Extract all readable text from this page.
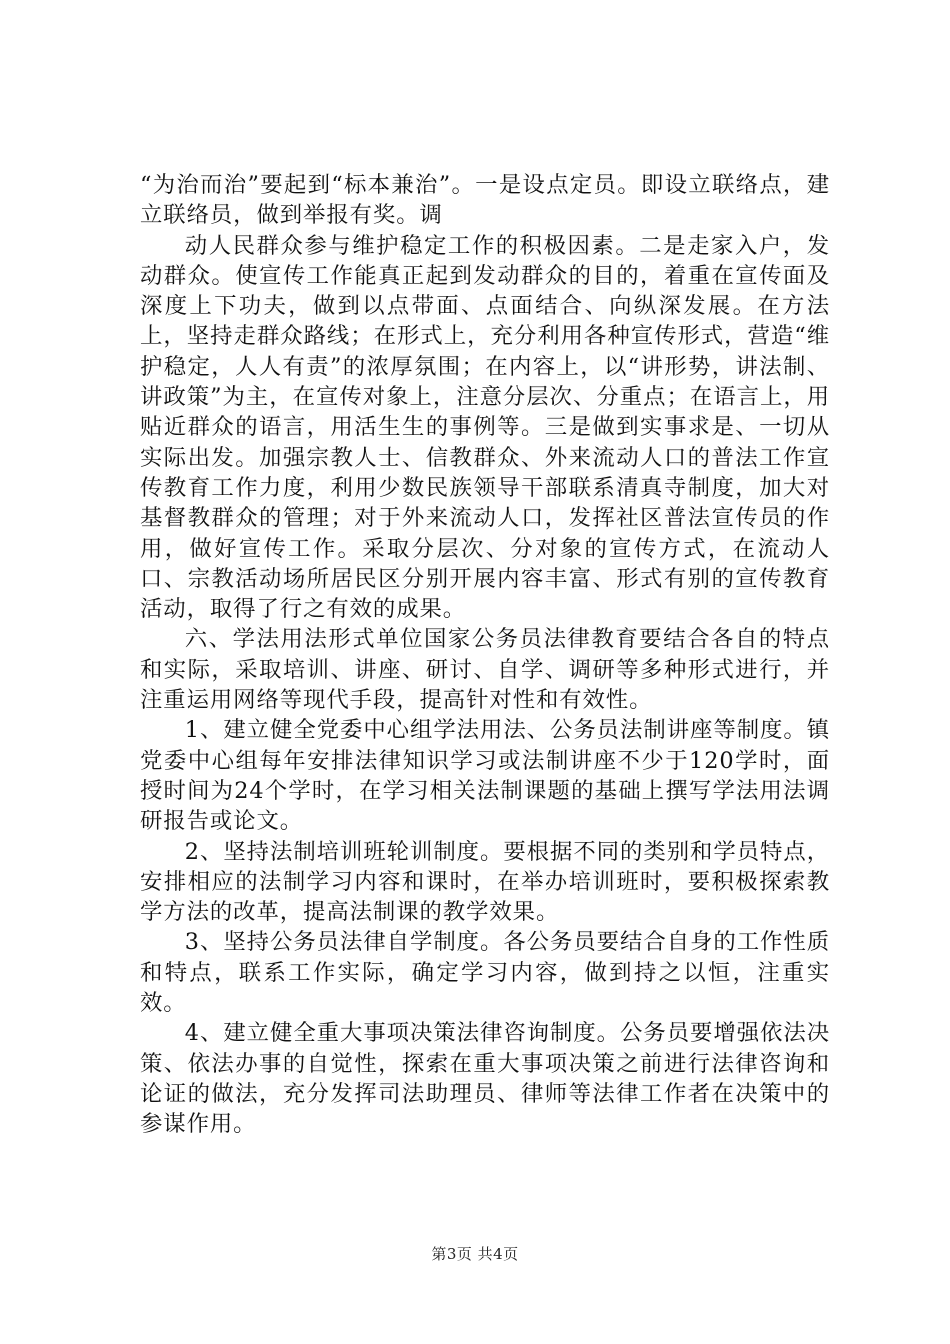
“为治而治”要起到“标本兼治”。一是设点定员。即设立联络点，建立联络员，做到举报有奖。调

动人民群众参与维护稳定工作的积极因素。二是走家入户，发动群众。使宣传工作能真正起到发动群众的目的，着重在宣传面及深度上下功夫，做到以点带面、点面结合、向纵深发展。在方法上，坚持走群众路线；在形式上，充分利用各种宣传形式，营造“维护稳定，人人有责”的浓厚氛围；在内容上，以“讲形势，讲法制、讲政策”为主，在宣传对象上，注意分层次、分重点；在语言上，用贴近群众的语言，用活生生的事例等。三是做到实事求是、一切从实际出发。加强宗教人士、信教群众、外来流动人口的普法工作宣传教育工作力度，利用少数民族领导干部联系清真寺制度，加大对基督教群众的管理；对于外来流动人口，发挥社区普法宣传员的作用，做好宣传工作。采取分层次、分对象的宣传方式，在流动人口、宗教活动场所居民区分别开展内容丰富、形式有别的宣传教育活动，取得了行之有效的成果。

六、学法用法形式单位国家公务员法律教育要结合各自的特点和实际，采取培训、讲座、研讨、自学、调研等多种形式进行，并注重运用网络等现代手段，提高针对性和有效性。

1、建立健全党委中心组学法用法、公务员法制讲座等制度。镇党委中心组每年安排法律知识学习或法制讲座不少于120学时，面授时间为24个学时，在学习相关法制课题的基础上撰写学法用法调研报告或论文。

2、坚持法制培训班轮训制度。要根据不同的类别和学员特点，安排相应的法制学习内容和课时，在举办培训班时，要积极探索教学方法的改革，提高法制课的教学效果。

3、坚持公务员法律自学制度。各公务员要结合自身的工作性质和特点，联系工作实际，确定学习内容，做到持之以恒，注重实效。

4、建立健全重大事项决策法律咨询制度。公务员要增强依法决策、依法办事的自觉性，探索在重大事项决策之前进行法律咨询和论证的做法，充分发挥司法助理员、律师等法律工作者在决策中的参谋作用。

第3页 共4页
